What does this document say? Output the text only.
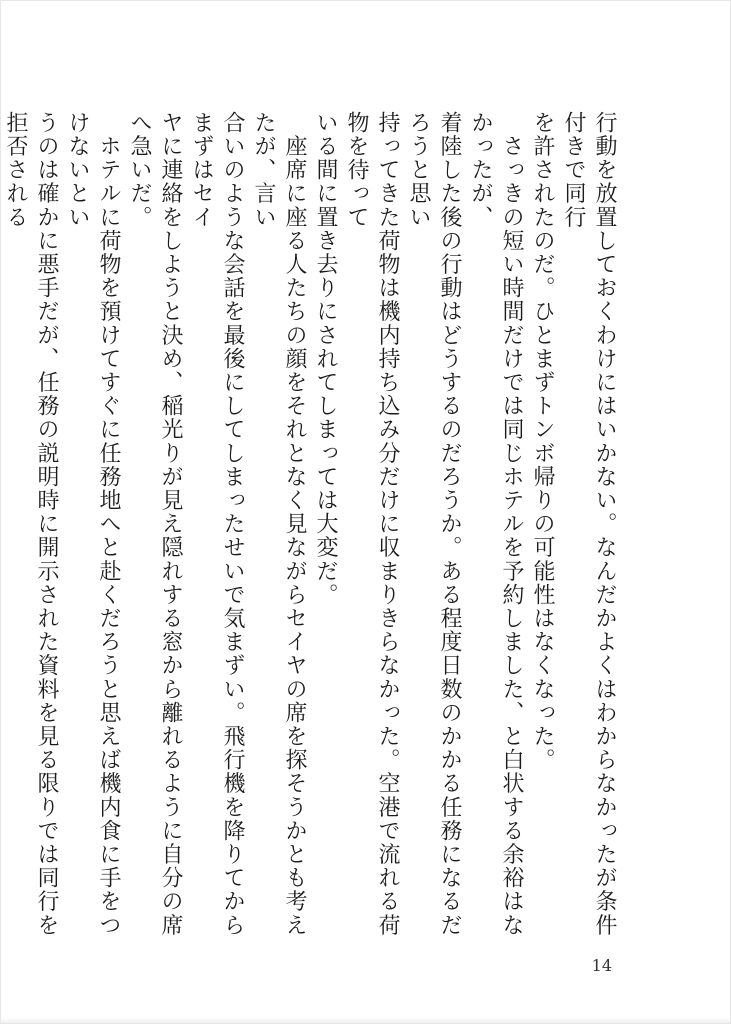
行動を放置しておくわけにはいかない。なんだかよくはわからなかったが条件付きで同行
を許されたのだ。ひとまずトンボ帰りの可能性はなくなった。
　さっきの短い時間だけでは同じホテルを予約しました、と白状する余裕はなかったが、
着陸した後の行動はどうするのだろうか。ある程度日数のかかる任務になるだろうと思い
持ってきた荷物は機内持ち込み分だけに収まりきらなかった。空港で流れる荷物を待って
いる間に置き去りにされてしまっては大変だ。
　座席に座る人たちの顔をそれとなく見ながらセイヤの席を探そうかとも考えたが、言い
合いのような会話を最後にしてしまったせいで気まずい。飛行機を降りてからまずはセイ
ヤに連絡をしようと決め、稲光りが見え隠れする窓から離れるように自分の席へ急いだ。
　ホテルに荷物を預けてすぐに任務地へと赴くだろうと思えば機内食に手をつけないとい
うのは確かに悪手だが、任務の説明時に開示された資料を見る限りでは同行を拒否される
14
